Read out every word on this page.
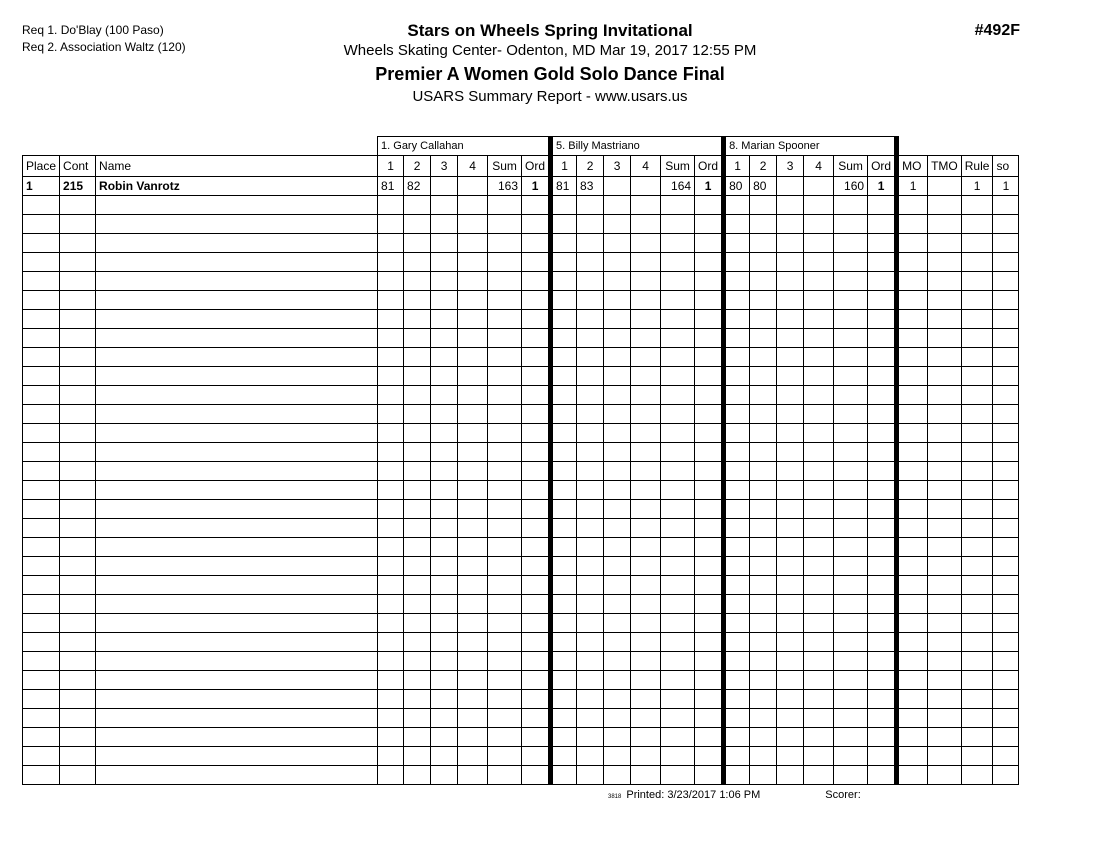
Req 1. Do'Blay (100 Paso)
Req 2. Association Waltz (120)
#492F
Stars on Wheels Spring Invitational
Wheels Skating Center- Odenton, MD Mar 19, 2017 12:55 PM
Premier A Women Gold Solo Dance Final
USARS Summary Report - www.usars.us
			1. Gary Callahan						5. Billy Mastriano						8. Marian Spooner									
Place	Cont	Name	1	2	3	4	Sum	Ord	1	2	3	4	Sum	Ord	1	2	3	4	Sum	Ord	MO	TMO	Rule	so
1	215	Robin Vanrotz	81	82			163	1	81	83			164	1	80	80			160	1	1		1	1

3818 Printed: 3/23/2017 1:06 PM	Scorer:
